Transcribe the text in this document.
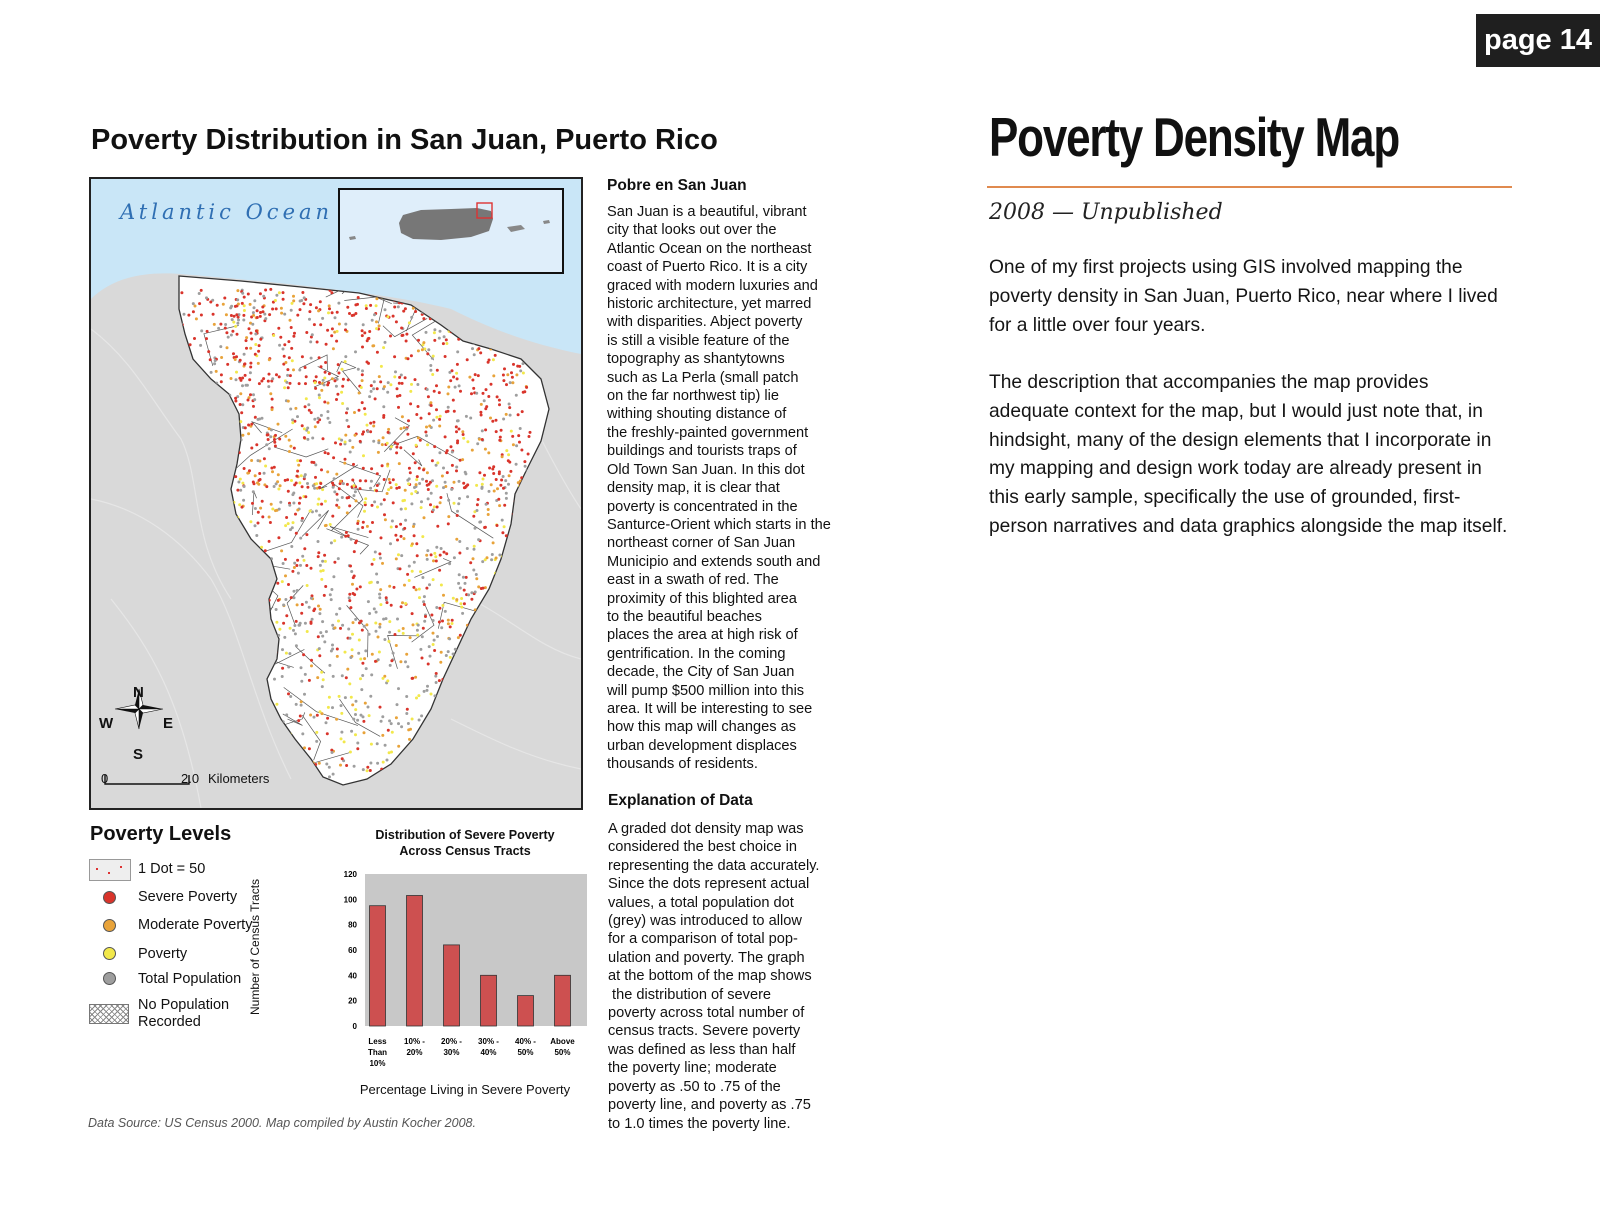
page 14
Poverty Distribution in San Juan, Puerto Rico
Atlantic Ocean
N
S
W	E
0	2.0 Kilometers
Poverty Levels
1 Dot = 50
Severe Poverty
Moderate Poverty
Poverty
Total Population
No Population
Recorded
Distribution of Severe Poverty
Across Census Tracts
Number of Census Tracts
0
20
40
60
80
100
120
Less Than 10%
10% -20%
20% -30%
30% -40%
40% -50%
Above 50%
Percentage Living in Severe Poverty
Data Source: US Census 2000. Map compiled by Austin Kocher 2008.
Pobre en San Juan
San Juan is a beautiful, vibrant
city that looks out over the
Atlantic Ocean on the northeast
coast of Puerto Rico. It is a city
graced with modern luxuries and
historic architecture, yet marred
with disparities. Abject poverty
is still a visible feature of the
topography as shantytowns
such as La Perla (small patch
on the far northwest tip) lie
withing shouting distance of
the freshly-painted government
buildings and tourists traps of
Old Town San Juan. In this dot
density map, it is clear that
poverty is concentrated in the
Santurce-Orient which starts in the
northeast corner of San Juan
Municipio and extends south and
east in a swath of red. The
proximity of this blighted area
to the beautiful beaches
places the area at high risk of
gentrification. In the coming
decade, the City of San Juan
will pump $500 million into this
area. It will be interesting to see
how this map will changes as
urban development displaces
thousands of residents.
Explanation of Data
A graded dot density map was
considered the best choice in
representing the data accurately.
Since the dots represent actual
values, a total population dot
(grey) was introduced to allow
for a comparison of total pop-
ulation and poverty. The graph
at the bottom of the map shows
the distribution of severe
poverty across total number of
census tracts. Severe poverty
was defined as less than half
the poverty line; moderate
poverty as .50 to .75 of the
poverty line, and poverty as .75
to 1.0 times the poverty line.
Poverty Density Map
2008 — Unpublished
One of my first projects using GIS involved mapping the poverty density in San Juan, Puerto Rico, near where I lived for a little over four years.
The description that accompanies the map provides adequate context for the map, but I would just note that, in hindsight, many of the design elements that I incorporate in my mapping and design work today are already present in this early sample, specifically the use of grounded, first-person narratives and data graphics alongside the map itself.
